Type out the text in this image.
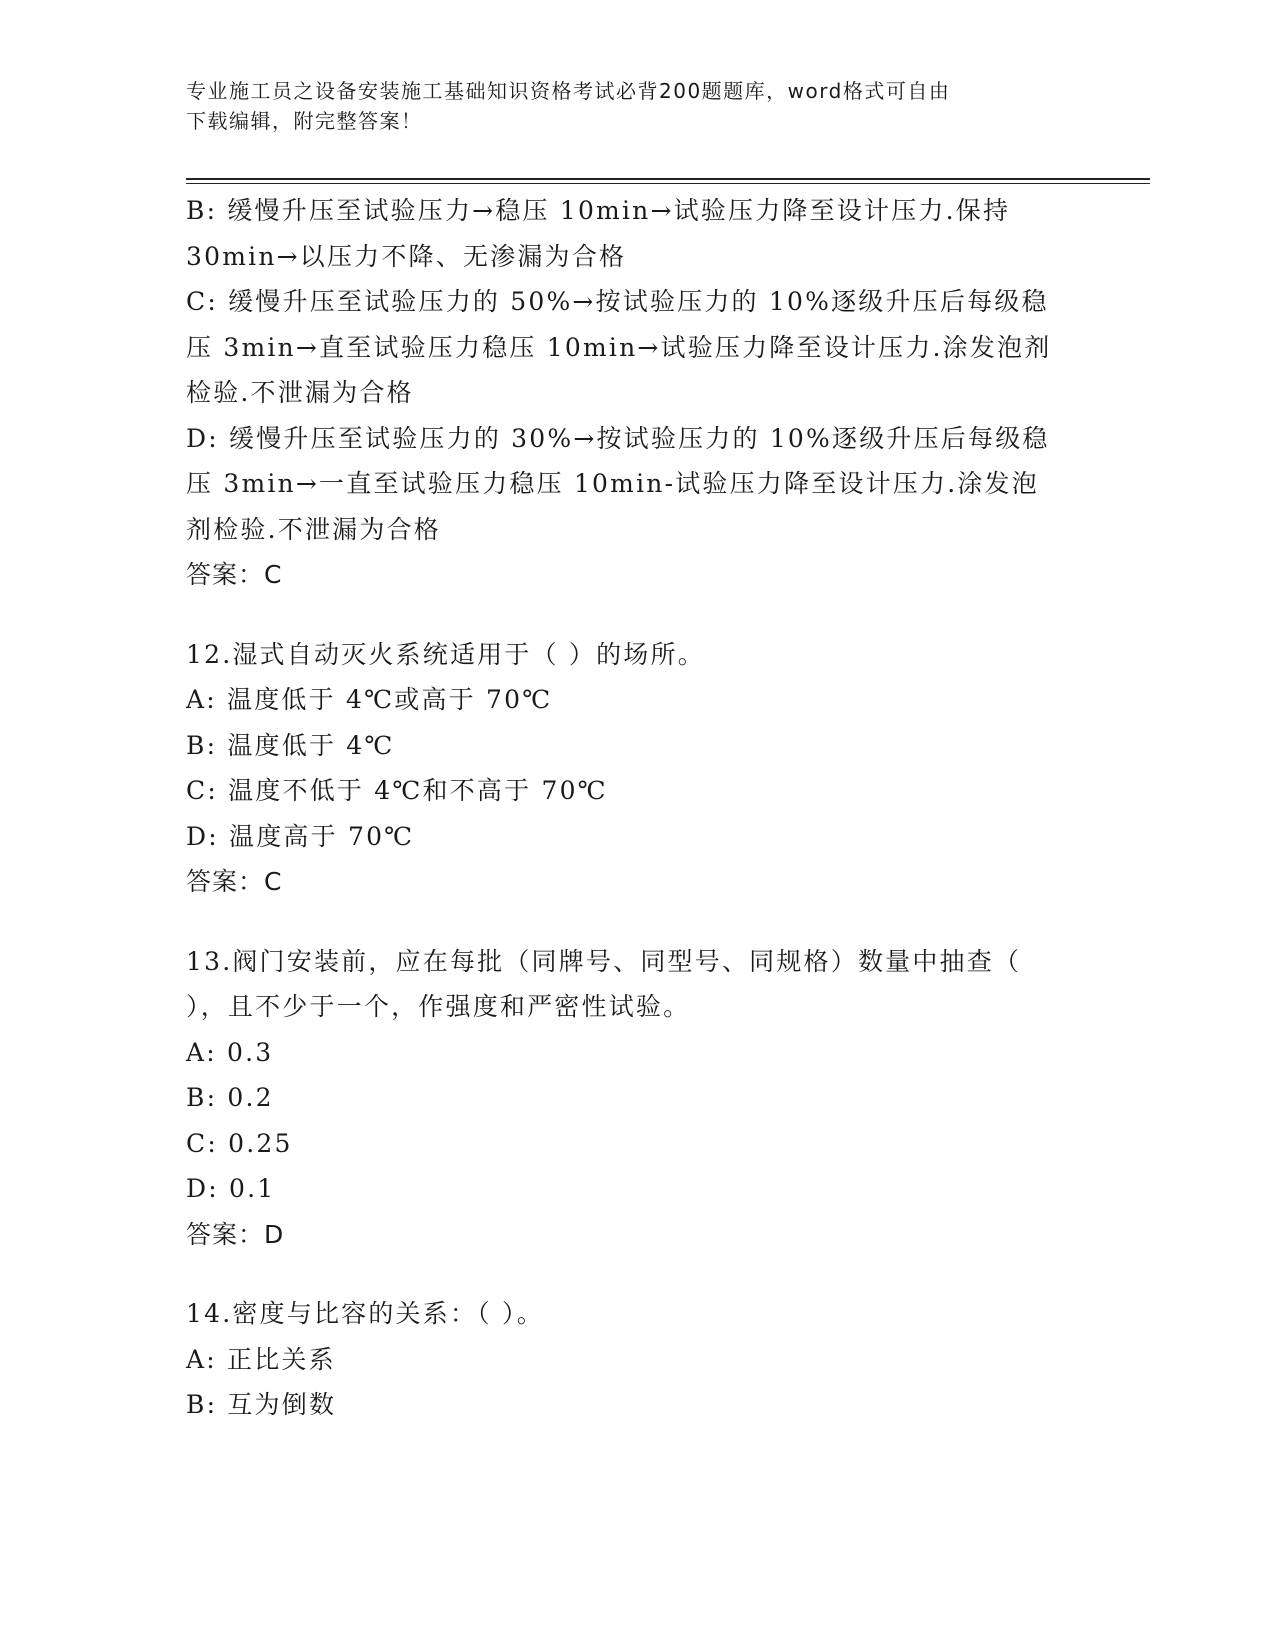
专业施工员之设备安装施工基础知识资格考试必背200题题库，word格式可自由
下载编辑，附完整答案！
B: 缓慢升压至试验压力→稳压 10min→试验压力降至设计压力.保持
30min→以压力不降、无渗漏为合格
C: 缓慢升压至试验压力的 50%→按试验压力的 10%逐级升压后每级稳
压 3min→直至试验压力稳压 10min→试验压力降至设计压力.涂发泡剂
检验.不泄漏为合格
D: 缓慢升压至试验压力的 30%→按试验压力的 10%逐级升压后每级稳
压 3min→一直至试验压力稳压 10min-试验压力降至设计压力.涂发泡
剂检验.不泄漏为合格
答案：C
12.湿式自动灭火系统适用于（ ）的场所。
A: 温度低于 4℃或高于 70℃
B: 温度低于 4℃
C: 温度不低于 4℃和不高于 70℃
D: 温度高于 70℃
答案：C
13.阀门安装前，应在每批（同牌号、同型号、同规格）数量中抽查（
），且不少于一个，作强度和严密性试验。
A: 0.3
B: 0.2
C: 0.25
D: 0.1
答案：D
14.密度与比容的关系：（ ）。
A: 正比关系
B: 互为倒数
